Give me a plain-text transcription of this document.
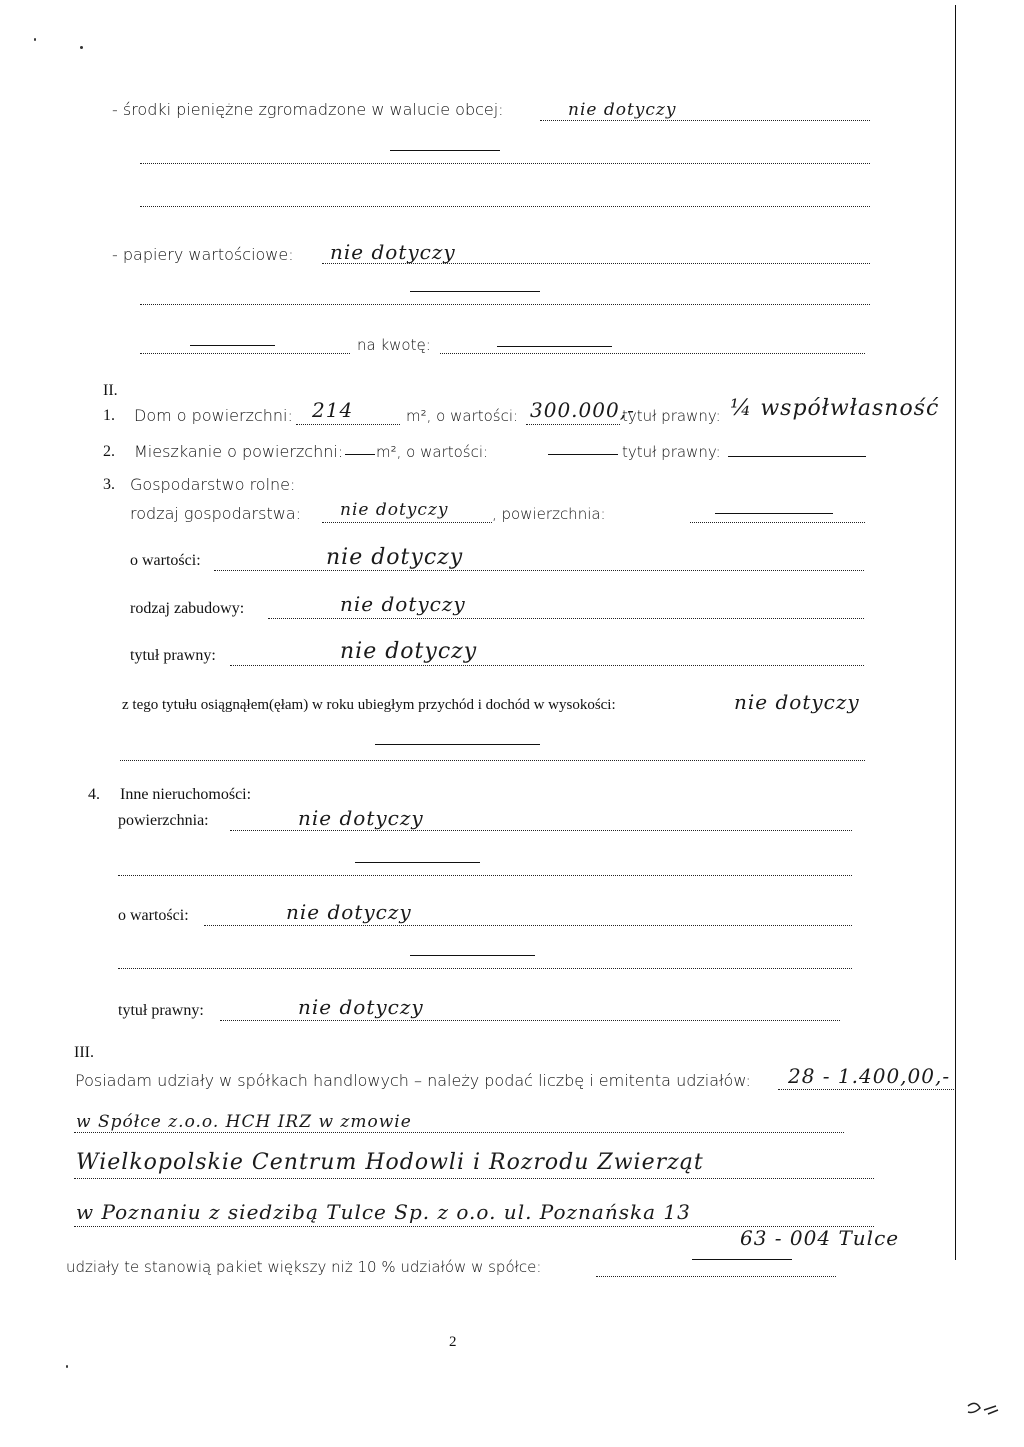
- środki pieniężne zgromadzone w walucie obcej:	nie dotyczy
- papiery wartościowe: nie dotyczy
na kwotę:
II.
1. Dom o powierzchni: 214	m², o wartości: 300.000,-
tytuł prawny: ¼ współwłasność
2. Mieszkanie o powierzchni: m², o wartości:	tytuł prawny:
3. Gospodarstwo rolne:
rodzaj gospodarstwa: nie dotyczy	, powierzchnia:
o wartości:	nie dotyczy
rodzaj zabudowy:	nie dotyczy
tytuł prawny:	nie dotyczy
z tego tytułu osiągnąłem(ęłam) w roku ubiegłym przychód i dochód w wysokości:	nie dotyczy
4. Inne nieruchomości:
powierzchnia:	nie dotyczy
o wartości:	nie dotyczy
tytuł prawny:	nie dotyczy
III.
Posiadam udziały w spółkach handlowych – należy podać liczbę i emitenta udziałów: 28 - 1.400,00,-
w Spółce z.o.o. HCH IRZ w zmowie
Wielkopolskie Centrum Hodowli i Rozrodu Zwierząt
w Poznaniu z siedzibą Tulce Sp. z o.o. ul. Poznańska 13
63 - 004 Tulce
udziały te stanowią pakiet większy niż 10 % udziałów w spółce:
2
